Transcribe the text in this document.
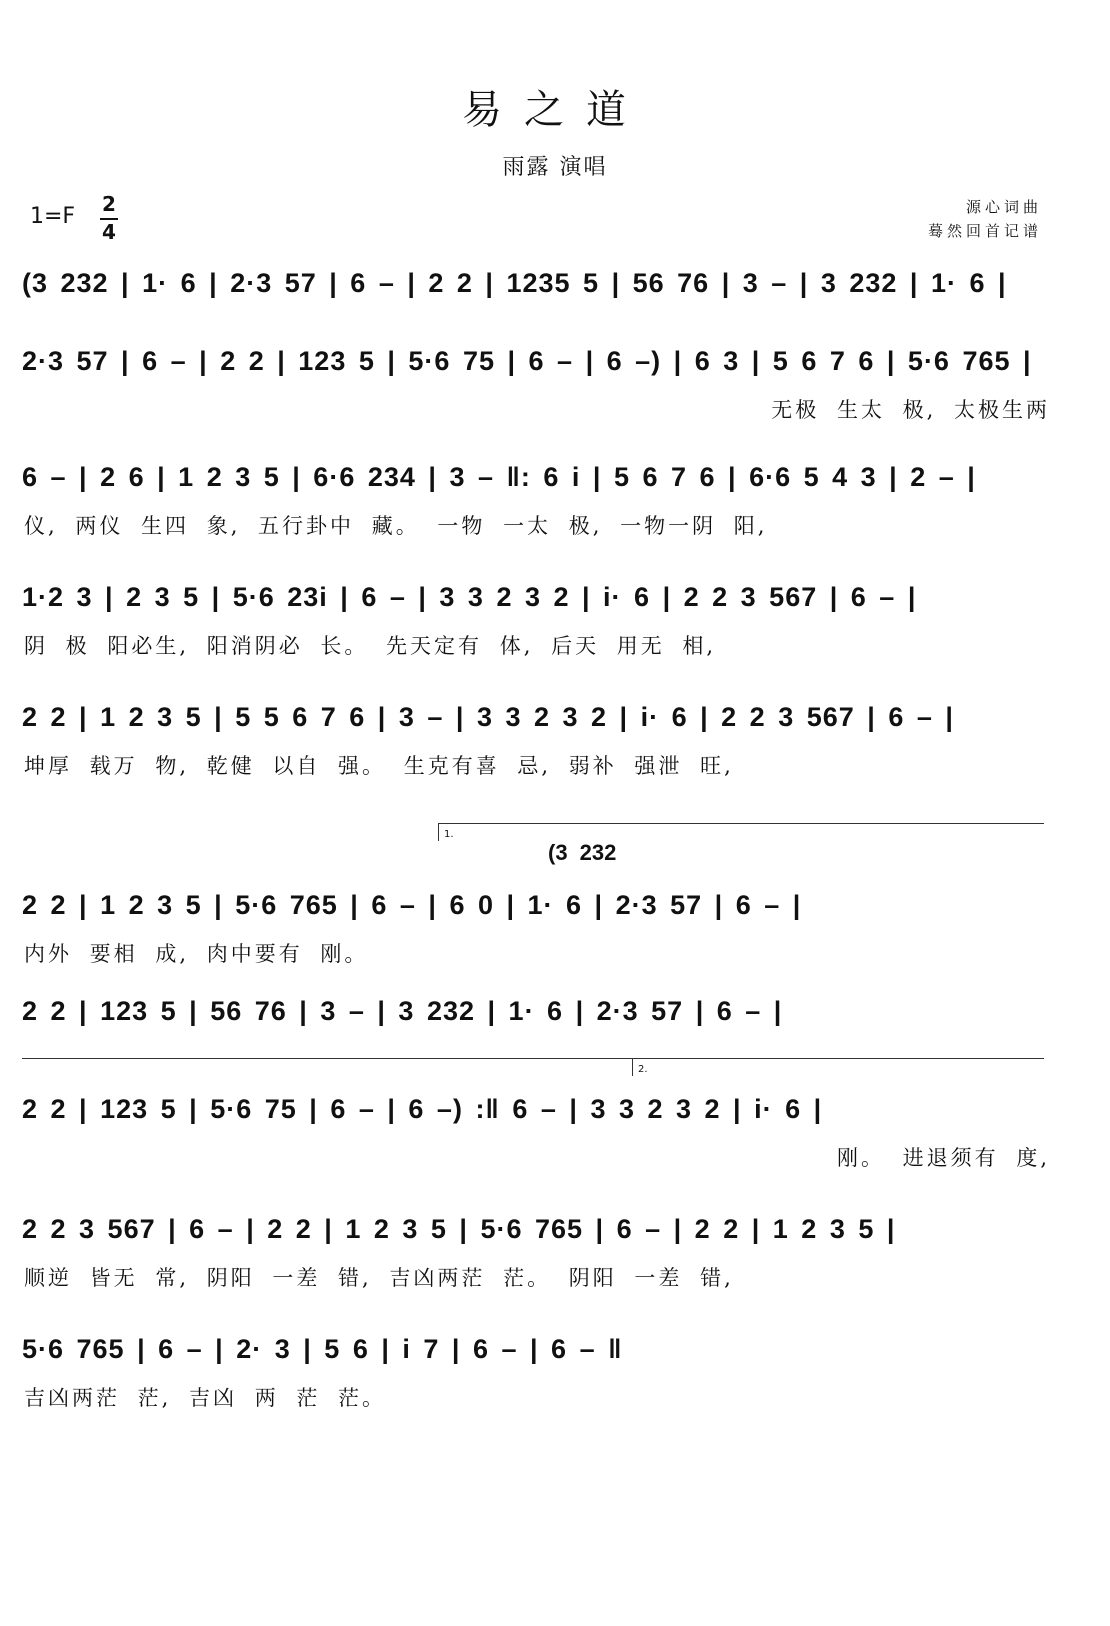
易之道
雨露 演唱
1=F 2
4
源心词曲
蓦然回首记谱
(3 232 | 1· 6 | 2·3 57 | 6 – | 2 2 | 1235 5 | 56 76 | 3 – | 3 232 | 1· 6 |
2·3 57 | 6 – | 2 2 | 123 5 | 5·6 75 | 6 – | 6 –) | 6 3 | 5 6 7 6 | 5·6 765 |
无极 生太 极, 太极生两
6 – | 2 6 | 1 2 3 5 | 6·6 234 | 3 – ‖: 6 i | 5 6 7 6 | 6·6 5 4 3 | 2 – |
仪, 两仪 生四 象, 五行卦中 藏。 一物 一太 极, 一物一阴 阳,
1·2 3 | 2 3 5 | 5·6 23i | 6 – | 3 3 2 3 2 | i· 6 | 2 2 3 567 | 6 – |
阴 极 阳必生, 阳消阴必 长。 先天定有 体, 后天 用无 相,
2 2 | 1 2 3 5 | 5 5 6 7 6 | 3 – | 3 3 2 3 2 | i· 6 | 2 2 3 567 | 6 – |
坤厚 载万 物, 乾健 以自 强。 生克有喜 忌, 弱补 强泄 旺,
1.
(3 232
2 2 | 1 2 3 5 | 5·6 765 | 6 – | 6 0 | 1· 6 | 2·3 57 | 6 – |
内外 要相 成, 肉中要有 刚。
2 2 | 123 5 | 56 76 | 3 – | 3 232 | 1· 6 | 2·3 57 | 6 – |
2.
2 2 | 123 5 | 5·6 75 | 6 – | 6 –) :‖ 6 – | 3 3 2 3 2 | i· 6 |
刚。 进退须有 度,
2 2 3 567 | 6 – | 2 2 | 1 2 3 5 | 5·6 765 | 6 – | 2 2 | 1 2 3 5 |
顺逆 皆无 常, 阴阳 一差 错, 吉凶两茫 茫。 阴阳 一差 错,
5·6 765 | 6 – | 2· 3 | 5 6 | i 7 | 6 – | 6 – ‖
吉凶两茫 茫, 吉凶 两 茫 茫。
